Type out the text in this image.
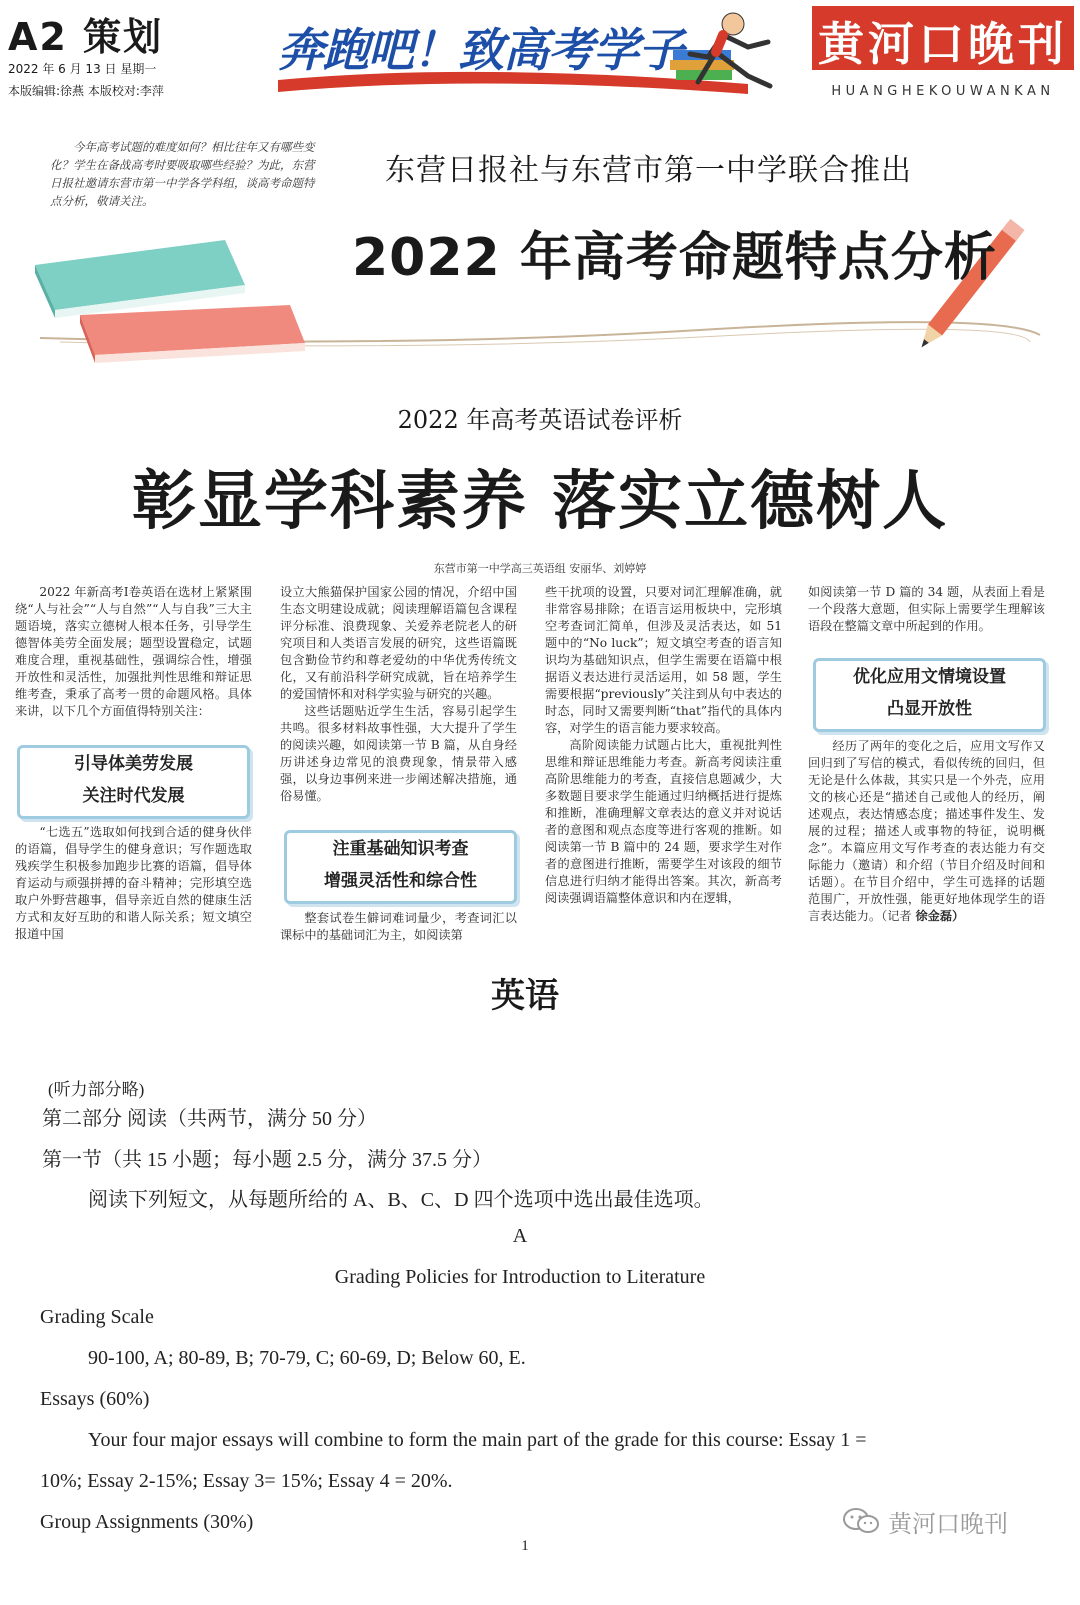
A2 策划
2022 年 6 月 13 日 星期一
本版编辑:徐燕 本版校对:李萍
奔跑吧！致高考学子	黄河口晚刊
HUANGHEKOUWANKAN
今年高考试题的难度如何？相比往年又有哪些变化？学生在备战高考时要吸取哪些经验？为此，东营日报社邀请东营市第一中学各学科组，谈高考命题特点分析，敬请关注。
东营日报社与东营市第一中学联合推出
2022 年高考命题特点分析
2022 年高考英语试卷评析
彰显学科素养 落实立德树人
东营市第一中学高三英语组 安丽华、刘婷婷

2022 年新高考Ⅰ卷英语在选材上紧紧围绕“人与社会”“人与自然”“人与自我”三大主题语境，落实立德树人根本任务，引导学生德智体美劳全面发展；题型设置稳定，试题难度合理，重视基础性，强调综合性，增强开放性和灵活性，加强批判性思维和辩证思维考查，秉承了高考一贯的命题风格。具体来讲，以下几个方面值得特别关注：

引导体美劳发展
关注时代发展

“七选五”选取如何找到合适的健身伙伴的语篇，倡导学生的健身意识；写作题选取残疾学生积极参加跑步比赛的语篇，倡导体育运动与顽强拼搏的奋斗精神；完形填空选取户外野营趣事，倡导亲近自然的健康生活方式和友好互助的和谐人际关系；短文填空报道中国

设立大熊猫保护国家公园的情况，介绍中国生态文明建设成就；阅读理解语篇包含课程评分标准、浪费现象、关爱养老院老人的研究项目和人类语言发展的研究，这些语篇既包含勤俭节约和尊老爱幼的中华优秀传统文化，又有前沿科学研究成就，旨在培养学生的爱国情怀和对科学实验与研究的兴趣。

这些话题贴近学生生活，容易引起学生共鸣。很多材料故事性强，大大提升了学生的阅读兴趣，如阅读第一节 B 篇，从自身经历讲述身边常见的浪费现象，情景带入感强，以身边事例来进一步阐述解决措施，通俗易懂。

注重基础知识考查
增强灵活性和综合性

整套试卷生僻词难词量少，考查词汇以课标中的基础词汇为主，如阅读第

些干扰项的设置，只要对词汇理解准确，就非常容易排除；在语言运用板块中，完形填空考查词汇简单，但涉及灵活表达，如 51 题中的“No luck”；短文填空考查的语言知识均为基础知识点，但学生需要在语篇中根据语义表达进行灵活运用，如 58 题，学生需要根据“previously”关注到从句中表达的时态，同时又需要判断“that”指代的具体内容，对学生的语言能力要求较高。

高阶阅读能力试题占比大，重视批判性思维和辩证思维能力考查。新高考阅读注重高阶思维能力的考查，直接信息题减少，大多数题目要求学生能通过归纳概括进行提炼和推断，准确理解文章表达的意义并对说话者的意图和观点态度等进行客观的推断。如阅读第一节 B 篇中的 24 题，要求学生对作者的意图进行推断，需要学生对该段的细节信息进行归纳才能得出答案。其次，新高考阅读强调语篇整体意识和内在逻辑，

如阅读第一节 D 篇的 34 题，从表面上看是一个段落大意题，但实际上需要学生理解该语段在整篇文章中所起到的作用。

优化应用文情境设置
凸显开放性

经历了两年的变化之后，应用文写作又回归到了写信的模式，看似传统的回归，但无论是什么体裁，其实只是一个外壳，应用文的核心还是“描述自己或他人的经历，阐述观点，表达情感态度；描述事件发生、发展的过程；描述人或事物的特征，说明概念”。本篇应用文写作考查的表达能力有交际能力（邀请）和介绍（节目介绍及时间和话题）。在节目介绍中，学生可选择的话题范围广，开放性强，能更好地体现学生的语言表达能力。（记者 徐金磊）

英语
(听力部分略)
第二部分 阅读（共两节，满分 50 分）
第一节（共 15 小题；每小题 2.5 分，满分 37.5 分）
阅读下列短文，从每题所给的 A、B、C、D 四个选项中选出最佳选项。
A
Grading Policies for Introduction to Literature
Grading Scale
90-100, A; 80-89, B; 70-79, C; 60-69, D; Below 60, E.
Essays (60%)
Your four major essays will combine to form the main part of the grade for this course: Essay 1 =
10%; Essay 2-15%; Essay 3= 15%; Essay 4 = 20%.
Group Assignments (30%)	黄河口晚刊
1
